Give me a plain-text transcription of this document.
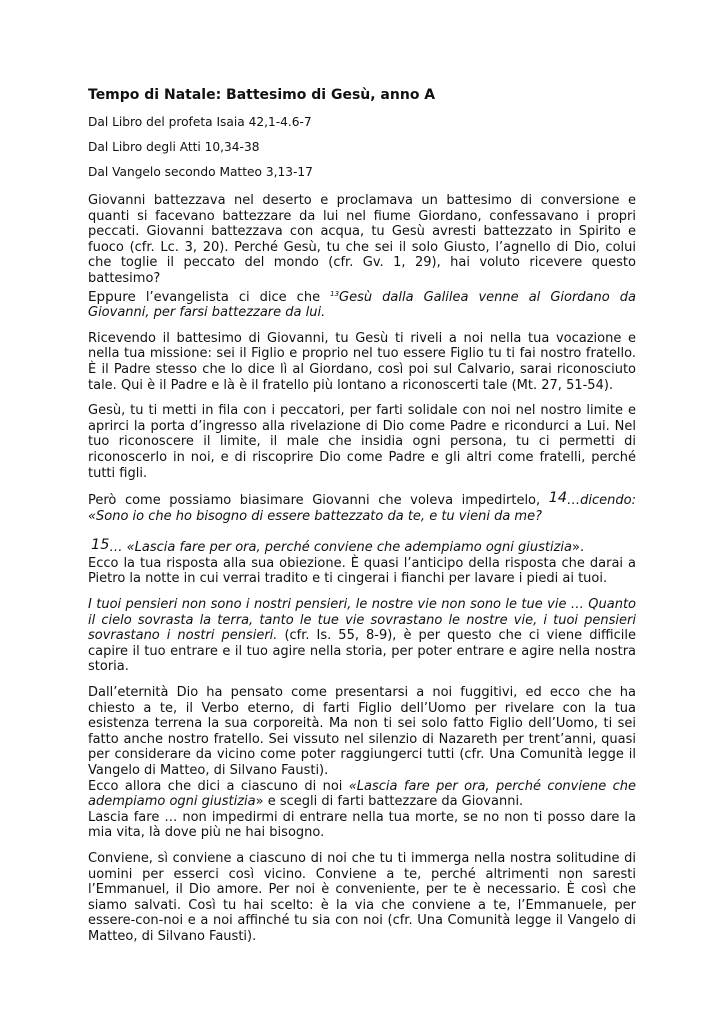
Tempo di Natale: Battesimo di Gesù, anno A
Dal Libro del profeta Isaia 42,1-4.6-7
Dal Libro degli Atti 10,34-38
Dal Vangelo secondo Matteo 3,13-17
Giovanni battezzava nel deserto e proclamava un battesimo di conversione e quanti si facevano battezzare da lui nel fiume Giordano, confessavano i propri peccati. Giovanni battezzava con acqua, tu Gesù avresti battezzato in Spirito e fuoco (cfr. Lc. 3, 20). Perché Gesù, tu che sei il solo Giusto, l’agnello di Dio, colui che toglie il peccato del mondo (cfr. Gv. 1, 29), hai voluto ricevere questo battesimo?
Eppure l’evangelista ci dice che $^{13}$Gesù dalla Galilea venne al Giordano da Giovanni, per farsi battezzare da lui.
Ricevendo il battesimo di Giovanni, tu Gesù ti riveli a noi nella tua vocazione e nella tua missione: sei il Figlio e proprio nel tuo essere Figlio tu ti fai nostro fratello. È il Padre stesso che lo dice lì al Giordano, così poi sul Calvario, sarai riconosciuto tale. Qui è il Padre e là è il fratello più lontano a riconoscerti tale (Mt. 27, 51-54).
Gesù, tu ti metti in fila con i peccatori, per farti solidale con noi nel nostro limite e aprirci la porta d’ingresso alla rivelazione di Dio come Padre e ricondurci a Lui. Nel tuo riconoscere il limite, il male che insidia ogni persona, tu ci permetti di riconoscerlo in noi, e di riscoprire Dio come Padre e gli altri come fratelli, perché tutti figli.
Però come possiamo biasimare Giovanni che voleva impedirtelo, 14…dicendo: «Sono io che ho bisogno di essere battezzato da te, e tu vieni da me?
15… «Lascia fare per ora, perché conviene che adempiamo ogni giustizia».
Ecco la tua risposta alla sua obiezione. È quasi l’anticipo della risposta che darai a Pietro la notte in cui verrai tradito e ti cingerai i fianchi per lavare i piedi ai tuoi.
I tuoi pensieri non sono i nostri pensieri, le nostre vie non sono le tue vie … Quanto il cielo sovrasta la terra, tanto le tue vie sovrastano le nostre vie, i tuoi pensieri sovrastano i nostri pensieri. (cfr. Is. 55, 8-9), è per questo che ci viene difficile capire il tuo entrare e il tuo agire nella storia, per poter entrare e agire nella nostra storia.
Dall’eternità Dio ha pensato come presentarsi a noi fuggitivi, ed ecco che ha chiesto a te, il Verbo eterno, di farti Figlio dell’Uomo per rivelare con la tua esistenza terrena la sua corporeità. Ma non ti sei solo fatto Figlio dell’Uomo, ti sei fatto anche nostro fratello. Sei vissuto nel silenzio di Nazareth per trent’anni, quasi per considerare da vicino come poter raggiungerci tutti (cfr. Una Comunità legge il Vangelo di Matteo, di Silvano Fausti).
Ecco allora che dici a ciascuno di noi «Lascia fare per ora, perché conviene che adempiamo ogni giustizia» e scegli di farti battezzare da Giovanni.
Lascia fare … non impedirmi di entrare nella tua morte, se no non ti posso dare la mia vita, là dove più ne hai bisogno.
Conviene, sì conviene a ciascuno di noi che tu ti immerga nella nostra solitudine di uomini per esserci così vicino. Conviene a te, perché altrimenti non saresti l’Emmanuel, il Dio amore. Per noi è conveniente, per te è necessario. È così che siamo salvati. Così tu hai scelto: è la via che conviene a te, l’Emmanuele, per essere-con-noi e a noi affinché tu sia con noi (cfr. Una Comunità legge il Vangelo di Matteo, di Silvano Fausti).
